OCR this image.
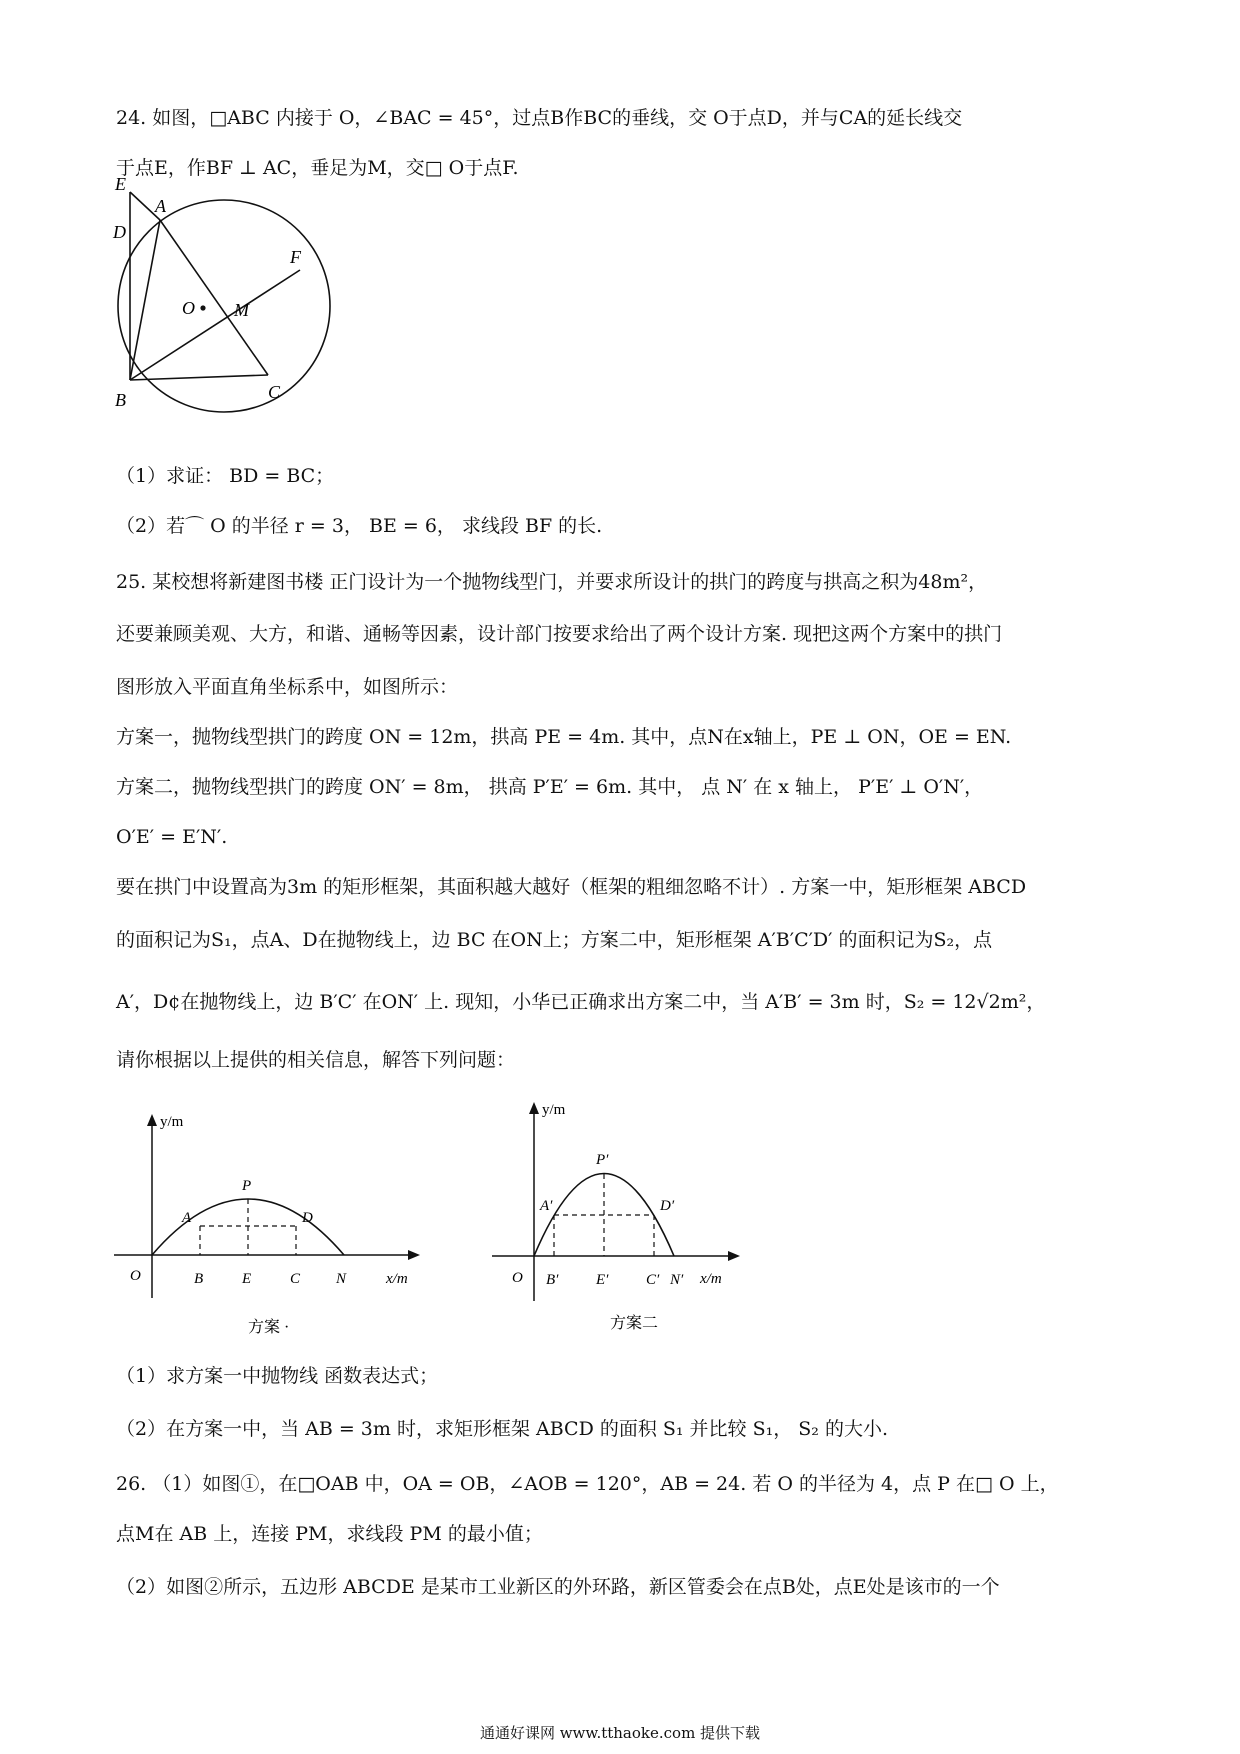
24. 如图，□ABC 内接于 O，∠BAC = 45°，过点B作BC的垂线，交 O于点D，并与CA的延长线交
于点E，作BF ⊥ AC，垂足为M，交□ O于点F.
E
A
D
F
O M
B	C
（1）求证： BD = BC；
（2）若⌒ O 的半径 r = 3， BE = 6， 求线段 BF 的长.
25. 某校想将新建图书楼 正门设计为一个抛物线型门，并要求所设计的拱门的跨度与拱高之积为48m²，
还要兼顾美观、大方，和谐、通畅等因素，设计部门按要求给出了两个设计方案. 现把这两个方案中的拱门
图形放入平面直角坐标系中，如图所示：
方案一，抛物线型拱门的跨度 ON = 12m，拱高 PE = 4m. 其中，点N在x轴上，PE ⊥ ON，OE = EN.
方案二，抛物线型拱门的跨度 ON′ = 8m， 拱高 P′E′ = 6m. 其中， 点 N′ 在 x 轴上， P′E′ ⊥ O′N′，
O′E′ = E′N′.
要在拱门中设置高为3m 的矩形框架，其面积越大越好（框架的粗细忽略不计）. 方案一中，矩形框架 ABCD
的面积记为S₁，点A、D在抛物线上，边 BC 在ON上；方案二中，矩形框架 A′B′C′D′ 的面积记为S₂，点
A′，D¢在抛物线上，边 B′C′ 在ON′ 上. 现知，小华已正确求出方案二中，当 A′B′ = 3m 时，S₂ = 12√2m²，
请你根据以上提供的相关信息，解答下列问题：
y/m
x/m
O	B	E	C N
A
P
D
方案 ·
y/m
x/m
O B′	E′	C′ N′
A′
P′
D′
方案二
（1）求方案一中抛物线 函数表达式；
（2）在方案一中，当 AB = 3m 时，求矩形框架 ABCD 的面积 S₁ 并比较 S₁， S₂ 的大小.
26. （1）如图①，在□OAB 中，OA = OB，∠AOB = 120°，AB = 24. 若 O 的半径为 4，点 P 在□ O 上，
点M在 AB 上，连接 PM，求线段 PM 的最小值；
（2）如图②所示，五边形 ABCDE 是某市工业新区的外环路，新区管委会在点B处，点E处是该市的一个
通通好课网 www.tthaoke.com 提供下载
